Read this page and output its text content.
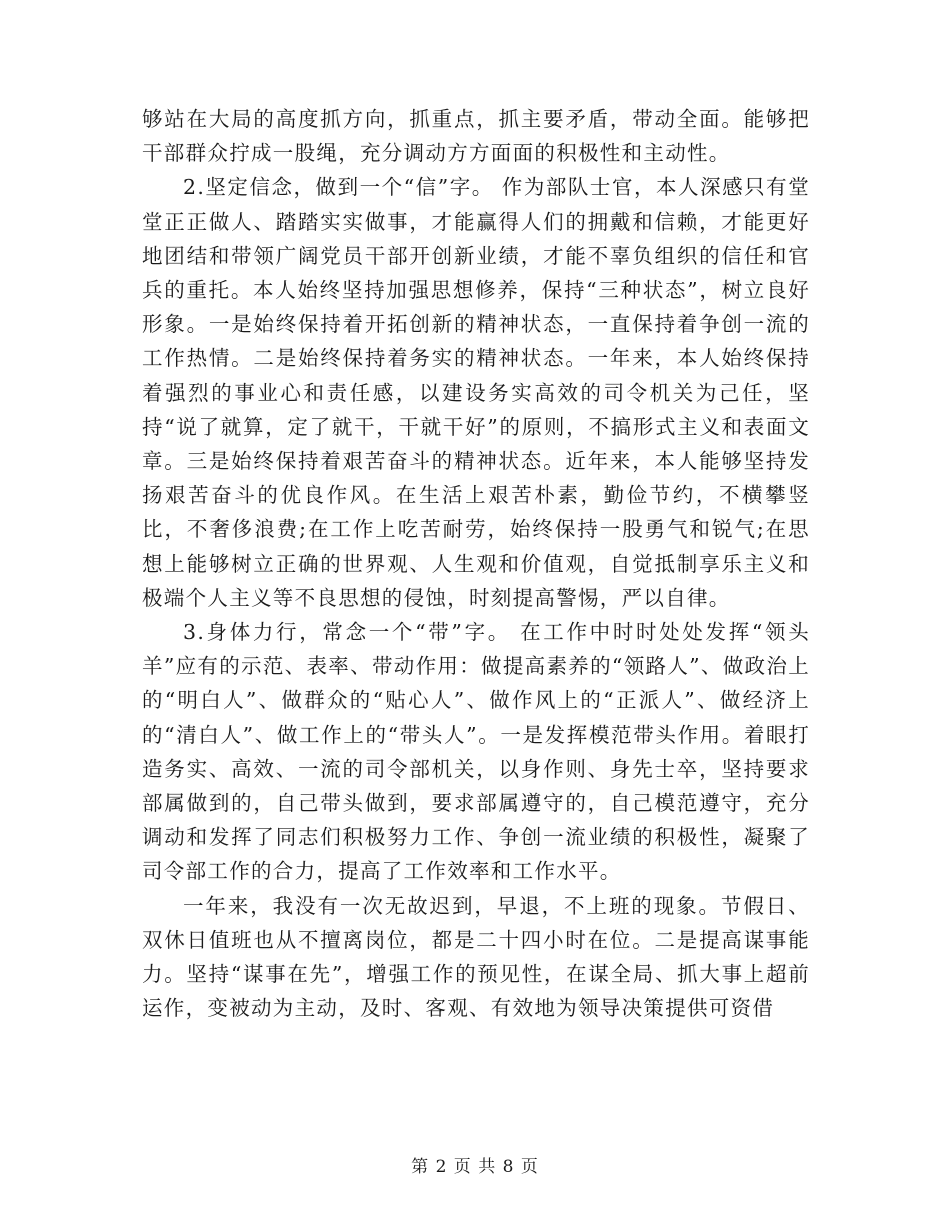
够站在大局的高度抓方向，抓重点，抓主要矛盾，带动全面。能够把干部群众拧成一股绳，充分调动方方面面的积极性和主动性。

2.坚定信念，做到一个“信”字。 作为部队士官，本人深感只有堂堂正正做人、踏踏实实做事，才能赢得人们的拥戴和信赖，才能更好地团结和带领广阔党员干部开创新业绩，才能不辜负组织的信任和官兵的重托。本人始终坚持加强思想修养，保持“三种状态”，树立良好形象。一是始终保持着开拓创新的精神状态，一直保持着争创一流的工作热情。二是始终保持着务实的精神状态。一年来，本人始终保持着强烈的事业心和责任感，以建设务实高效的司令机关为己任，坚持“说了就算，定了就干，干就干好”的原则，不搞形式主义和表面文章。三是始终保持着艰苦奋斗的精神状态。近年来，本人能够坚持发扬艰苦奋斗的优良作风。在生活上艰苦朴素，勤俭节约，不横攀竖比，不奢侈浪费;在工作上吃苦耐劳，始终保持一股勇气和锐气;在思想上能够树立正确的世界观、人生观和价值观，自觉抵制享乐主义和极端个人主义等不良思想的侵蚀，时刻提高警惕，严以自律。

3.身体力行，常念一个“带”字。 在工作中时时处处发挥“领头羊”应有的示范、表率、带动作用：做提高素养的“领路人”、做政治上的“明白人”、做群众的“贴心人”、做作风上的“正派人”、做经济上的“清白人”、做工作上的“带头人”。一是发挥模范带头作用。着眼打造务实、高效、一流的司令部机关，以身作则、身先士卒，坚持要求部属做到的，自己带头做到，要求部属遵守的，自己模范遵守，充分调动和发挥了同志们积极努力工作、争创一流业绩的积极性，凝聚了司令部工作的合力，提高了工作效率和工作水平。

一年来，我没有一次无故迟到，早退，不上班的现象。节假日、双休日值班也从不擅离岗位，都是二十四小时在位。二是提高谋事能力。坚持“谋事在先”，增强工作的预见性，在谋全局、抓大事上超前运作，变被动为主动，及时、客观、有效地为领导决策提供可资借

第 2 页 共 8 页
